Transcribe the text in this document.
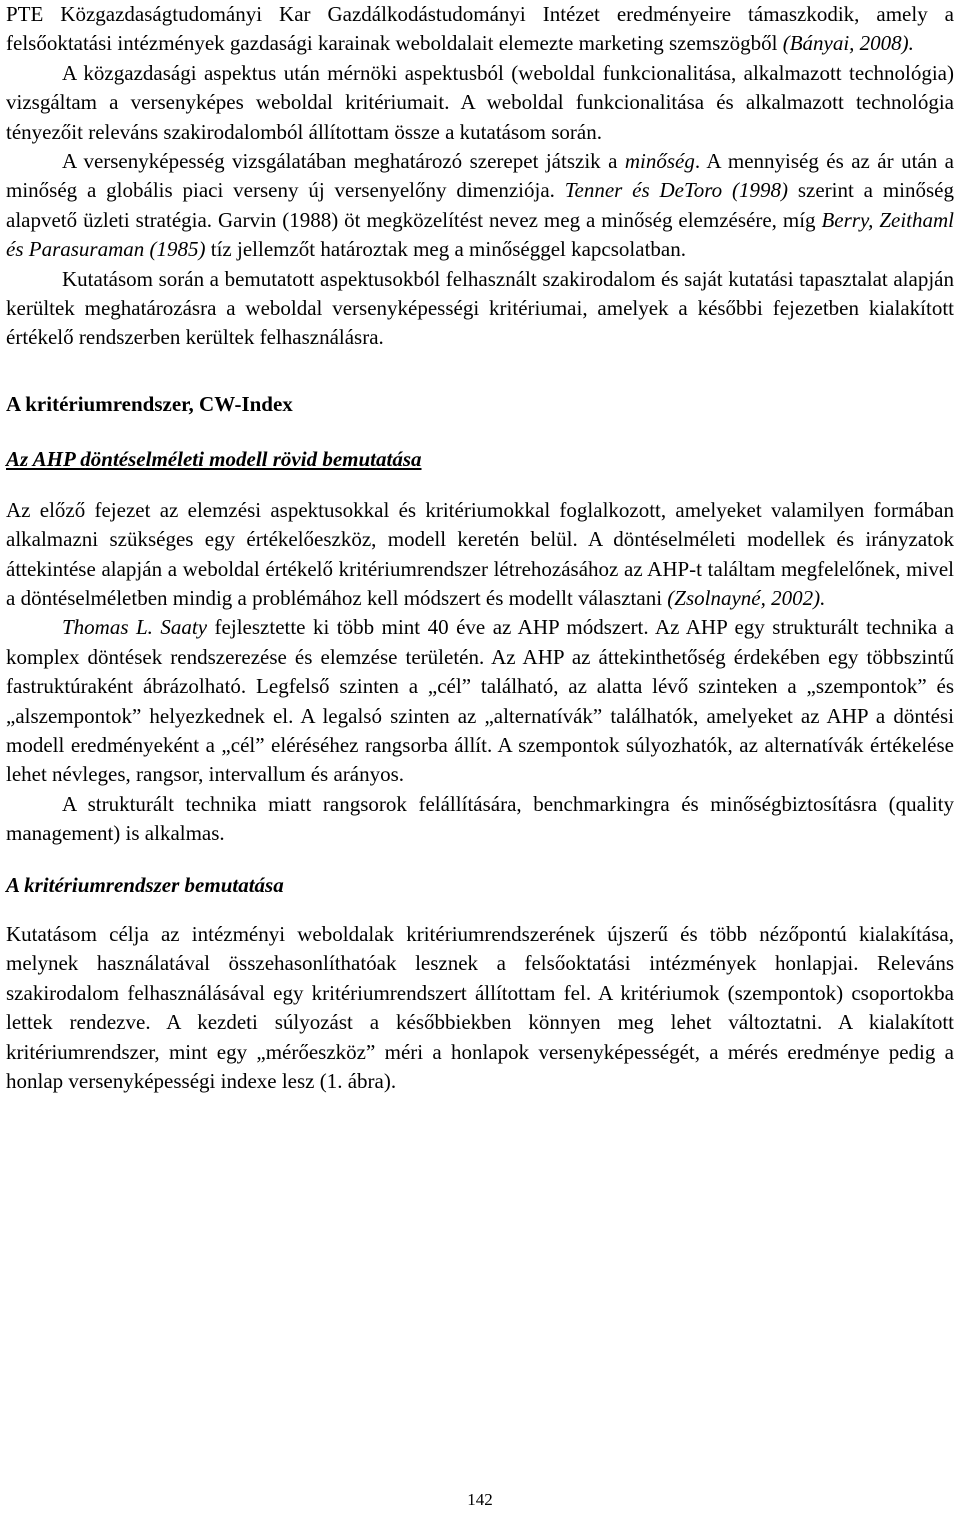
PTE Közgazdaságtudományi Kar Gazdálkodástudományi Intézet eredményeire támaszkodik, amely a felsőoktatási intézmények gazdasági karainak weboldalait elemezte marketing szemszögből (Bányai, 2008).

A közgazdasági aspektus után mérnöki aspektusból (weboldal funkcionalitása, alkalmazott technológia) vizsgáltam a versenyképes weboldal kritériumait. A weboldal funkcionalitása és alkalmazott technológia tényezőit releváns szakirodalomból állítottam össze a kutatásom során.

A versenyképesség vizsgálatában meghatározó szerepet játszik a minőség. A mennyiség és az ár után a minőség a globális piaci verseny új versenyelőny dimenziója. Tenner és DeToro (1998) szerint a minőség alapvető üzleti stratégia. Garvin (1988) öt megközelítést nevez meg a minőség elemzésére, míg Berry, Zeithaml és Parasuraman (1985) tíz jellemzőt határoztak meg a minőséggel kapcsolatban.

Kutatásom során a bemutatott aspektusokból felhasznált szakirodalom és saját kutatási tapasztalat alapján kerültek meghatározásra a weboldal versenyképességi kritériumai, amelyek a későbbi fejezetben kialakított értékelő rendszerben kerültek felhasználásra.

A kritériumrendszer, CW-Index
Az AHP döntéselméleti modell rövid bemutatása

Az előző fejezet az elemzési aspektusokkal és kritériumokkal foglalkozott, amelyeket valamilyen formában alkalmazni szükséges egy értékelőeszköz, modell keretén belül. A döntéselméleti modellek és irányzatok áttekintése alapján a weboldal értékelő kritériumrendszer létrehozásához az AHP-t találtam megfelelőnek, mivel a döntéselméletben mindig a problémához kell módszert és modellt választani (Zsolnayné, 2002).

Thomas L. Saaty fejlesztette ki több mint 40 éve az AHP módszert. Az AHP egy strukturált technika a komplex döntések rendszerezése és elemzése területén. Az AHP az áttekinthetőség érdekében egy többszintű fastruktúraként ábrázolható. Legfelső szinten a „cél” található, az alatta lévő szinteken a „szempontok” és „alszempontok” helyezkednek el. A legalsó szinten az „alternatívák” találhatók, amelyeket az AHP a döntési modell eredményeként a „cél” eléréséhez rangsorba állít. A szempontok súlyozhatók, az alternatívák értékelése lehet névleges, rangsor, intervallum és arányos.

A strukturált technika miatt rangsorok felállítására, benchmarkingra és minőségbiztosításra (quality management) is alkalmas.

A kritériumrendszer bemutatása

Kutatásom célja az intézményi weboldalak kritériumrendszerének újszerű és több nézőpontú kialakítása, melynek használatával összehasonlíthatóak lesznek a felsőoktatási intézmények honlapjai. Releváns szakirodalom felhasználásával egy kritériumrendszert állítottam fel. A kritériumok (szempontok) csoportokba lettek rendezve. A kezdeti súlyozást a későbbiekben könnyen meg lehet változtatni. A kialakított kritériumrendszer, mint egy „mérőeszköz” méri a honlapok versenyképességét, a mérés eredménye pedig a honlap versenyképességi indexe lesz (1. ábra).

142
